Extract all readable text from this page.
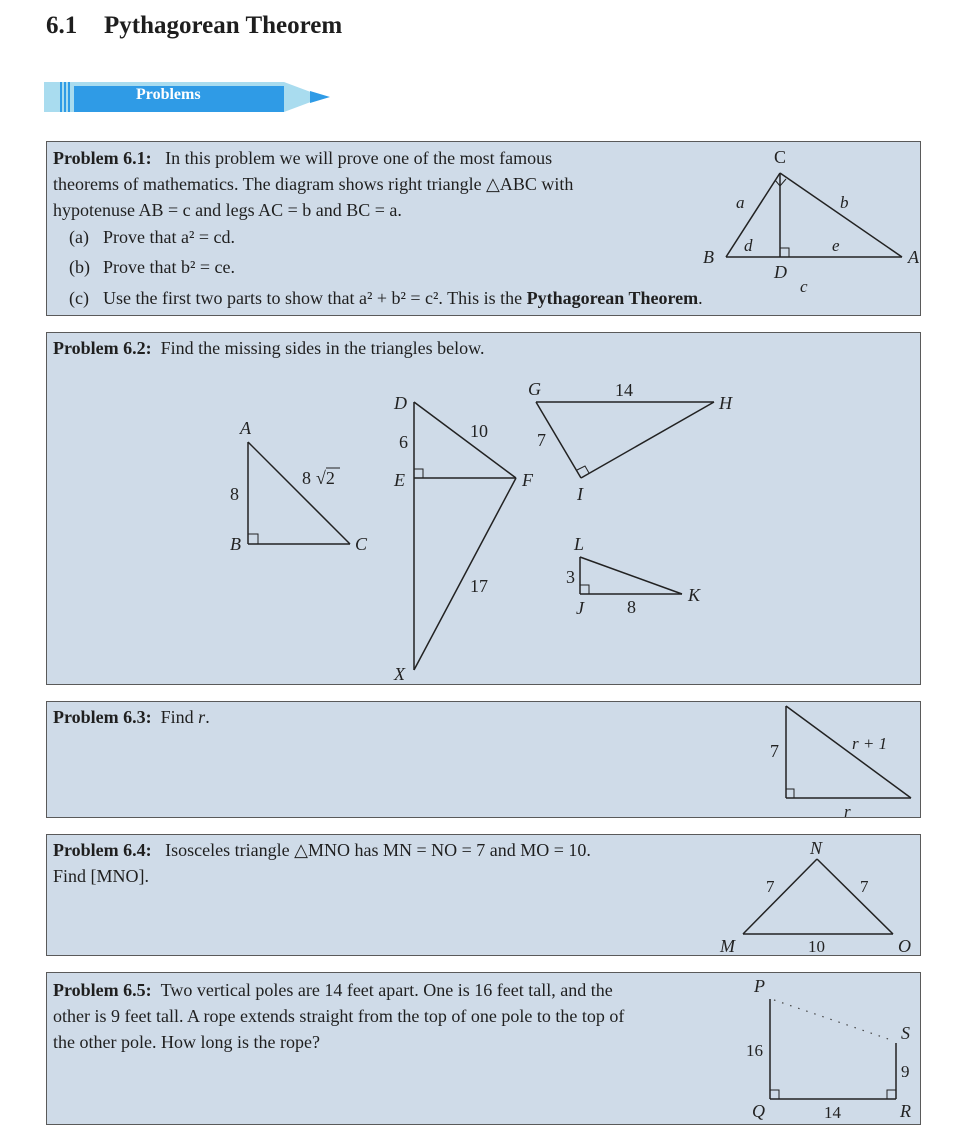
6.1 Pythagorean Theorem
Problems
Problem 6.1: In this problem we will prove one of the most famous
theorems of mathematics. The diagram shows right triangle △ABC with
hypotenuse AB = c and legs AC = b and BC = a.
(a) Prove that a² = cd.
(b) Prove that b² = ce.
(c) Use the first two parts to show that a² + b² = c². This is the Pythagorean Theorem.
C
B
D
A
a	b
d	e
c
Problem 6.2: Find the missing sides in the triangles below.
A
B	C
8
8 √2
D
E	F
X
6
10
17
G
H
I
14
7
L
J
K
3
8
Problem 6.3: Find r.
7	r + 1
r
Problem 6.4: Isosceles triangle △MNO has MN = NO = 7 and MO = 10.
Find [MNO].
N
M	O
7	7
10
Problem 6.5: Two vertical poles are 14 feet apart. One is 16 feet tall, and the
other is 9 feet tall. A rope extends straight from the top of one pole to the top of
the other pole. How long is the rope?
P
S
Q	R
16
9
14
